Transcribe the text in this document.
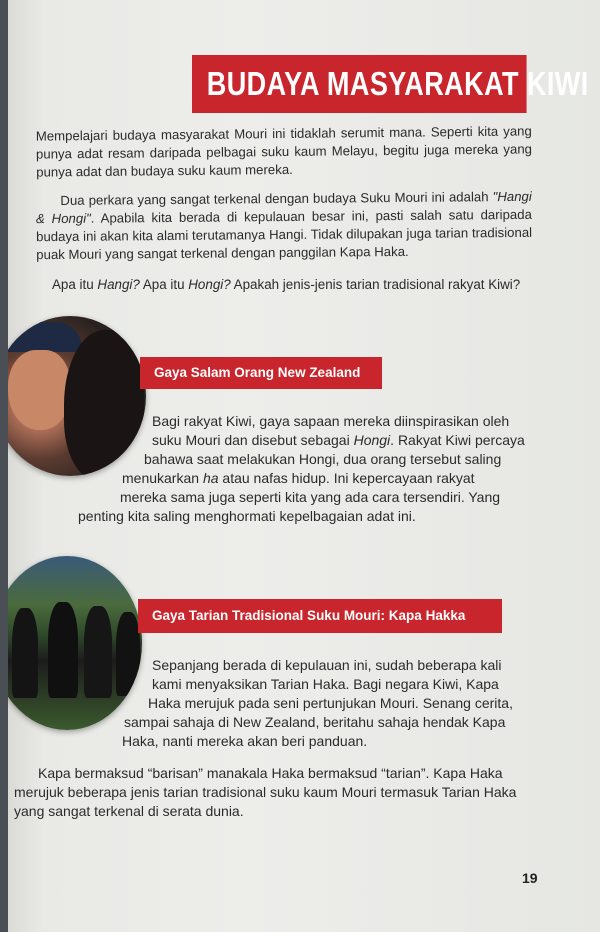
BUDAYA MASYARAKAT KIWI

Mempelajari budaya masyarakat Mouri ini tidaklah serumit mana. Seperti kita yang punya adat resam daripada pelbagai suku kaum Melayu, begitu juga mereka yang punya adat dan budaya suku kaum mereka.

Dua perkara yang sangat terkenal dengan budaya Suku Mouri ini adalah "Hangi & Hongi". Apabila kita berada di kepulauan besar ini, pasti salah satu daripada budaya ini akan kita alami terutamanya Hangi. Tidak dilupakan juga tarian tradisional puak Mouri yang sangat terkenal dengan panggilan Kapa Haka.

Apa itu Hangi? Apa itu Hongi? Apakah jenis-jenis tarian tradisional rakyat Kiwi?

Gaya Salam Orang New Zealand
Bagi rakyat Kiwi, gaya sapaan mereka diinspirasikan oleh
suku Mouri dan disebut sebagai Hongi. Rakyat Kiwi percaya
bahawa saat melakukan Hongi, dua orang tersebut saling
menukarkan ha atau nafas hidup. Ini kepercayaan rakyat
mereka sama juga seperti kita yang ada cara tersendiri. Yang
penting kita saling menghormati kepelbagaian adat ini.
Gaya Tarian Tradisional Suku Mouri: Kapa Hakka
Sepanjang berada di kepulauan ini, sudah beberapa kali
kami menyaksikan Tarian Haka. Bagi negara Kiwi, Kapa
Haka merujuk pada seni pertunjukan Mouri. Senang cerita,
sampai sahaja di New Zealand, beritahu sahaja hendak Kapa
Haka, nanti mereka akan beri panduan.
Kapa bermaksud “barisan” manakala Haka bermaksud “tarian”. Kapa Haka
merujuk beberapa jenis tarian tradisional suku kaum Mouri termasuk Tarian Haka
yang sangat terkenal di serata dunia.
19
